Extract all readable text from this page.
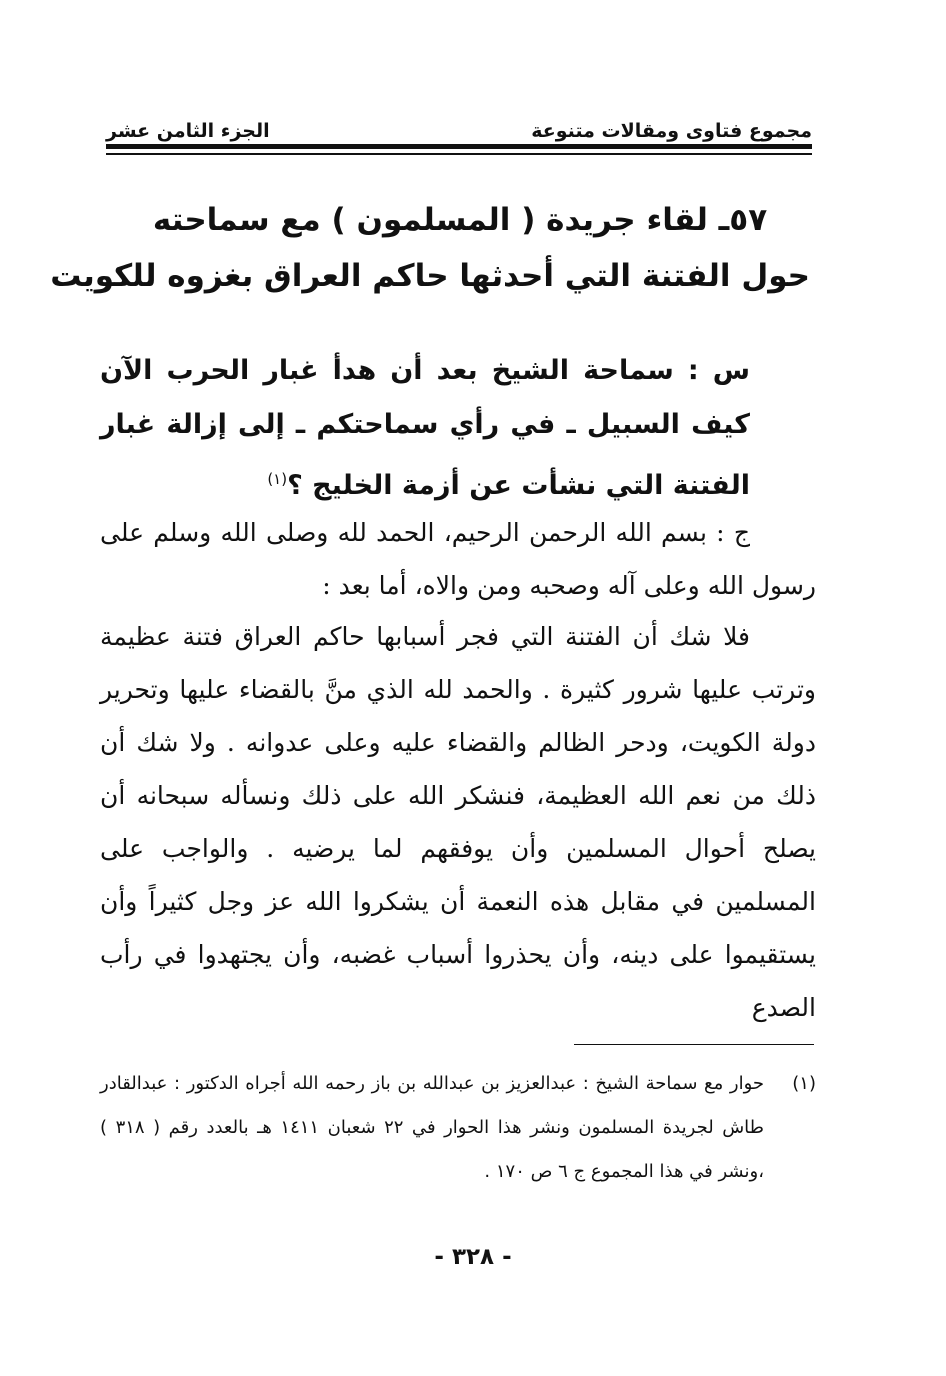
مجموع فتاوى ومقالات متنوعة
الجزء الثامن عشر
٥٧ـ لقاء جريدة ( المسلمون ) مع سماحته
حول الفتنة التي أحدثها حاكم العراق بغزوه للكويت
س : سماحة الشيخ بعد أن هدأ غبار الحرب الآن كيف السبيل ـ في رأي سماحتكم ـ إلى إزالة غبار الفتنة التي نشأت عن أزمة الخليج ؟$^{(١)}$

ج : بسم الله الرحمن الرحيم، الحمد لله وصلى الله وسلم على رسول الله وعلى آله وصحبه ومن والاه، أما بعد :

فلا شك أن الفتنة التي فجر أسبابها حاكم العراق فتنة عظيمة وترتب عليها شرور كثيرة . والحمد لله الذي منَّ بالقضاء عليها وتحرير دولة الكويت، ودحر الظالم والقضاء عليه وعلى عدوانه . ولا شك أن ذلك من نعم الله العظيمة، فنشكر الله على ذلك ونسأله سبحانه أن يصلح أحوال المسلمين وأن يوفقهم لما يرضيه . والواجب على المسلمين في مقابل هذه النعمة أن يشكروا الله عز وجل كثيراً وأن يستقيموا على دينه، وأن يحذروا أسباب غضبه، وأن يجتهدوا في رأب الصدع

(١)
حوار مع سماحة الشيخ : عبدالعزيز بن عبدالله بن باز رحمه الله أجراه الدكتور : عبدالقادر طاش لجريدة المسلمون ونشر هذا الحوار في ٢٢ شعبان ١٤١١ هـ بالعدد رقم ( ٣١٨ ) ،ونشر في هذا المجموع ج ٦ ص ١٧٠ .
- ٣٢٨ -
